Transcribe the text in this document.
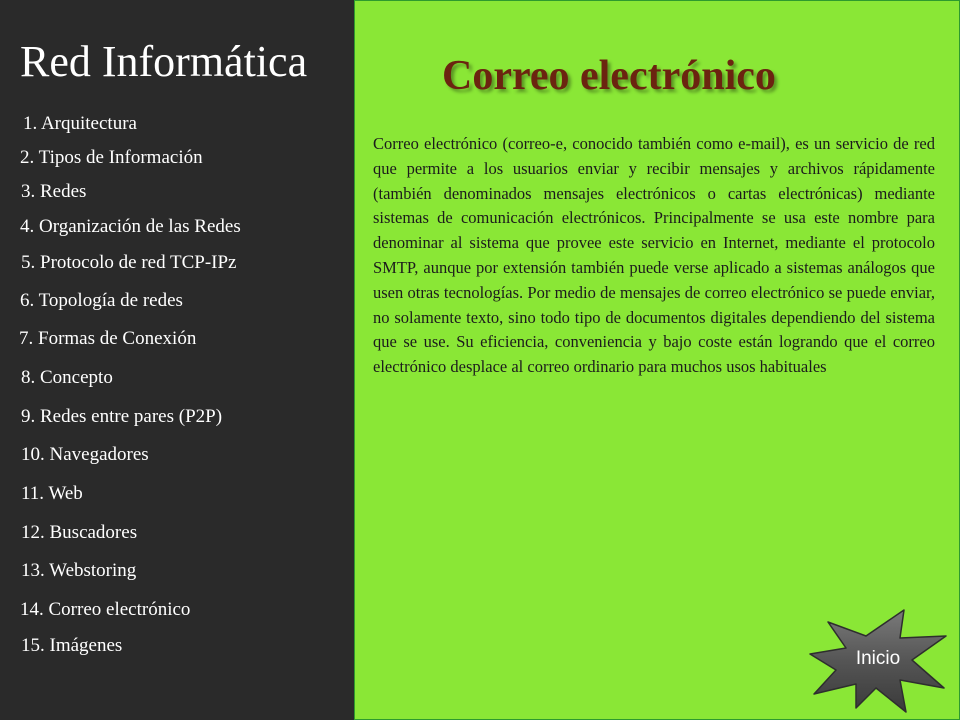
Red Informática
1. Arquitectura
2. Tipos de Información
3. Redes
4. Organización de las Redes
5. Protocolo de red TCP-IPz
6. Topología de redes
7. Formas de Conexión
8. Concepto
9. Redes entre pares (P2P)
10. Navegadores
11. Web
12. Buscadores
13. Webstoring
14. Correo electrónico
15. Imágenes
Correo electrónico

Correo electrónico (correo-e, conocido también como e-mail), es un servicio de red que permite a los usuarios enviar y recibir mensajes y archivos rápidamente (también denominados mensajes electrónicos o cartas electrónicas) mediante sistemas de comunicación electrónicos. Principalmente se usa este nombre para denominar al sistema que provee este servicio en Internet, mediante el protocolo SMTP, aunque por extensión también puede verse aplicado a sistemas análogos que usen otras tecnologías. Por medio de mensajes de correo electrónico se puede enviar, no solamente texto, sino todo tipo de documentos digitales dependiendo del sistema que se use. Su eficiencia, conveniencia y bajo coste están logrando que el correo electrónico desplace al correo ordinario para muchos usos habituales

Inicio
